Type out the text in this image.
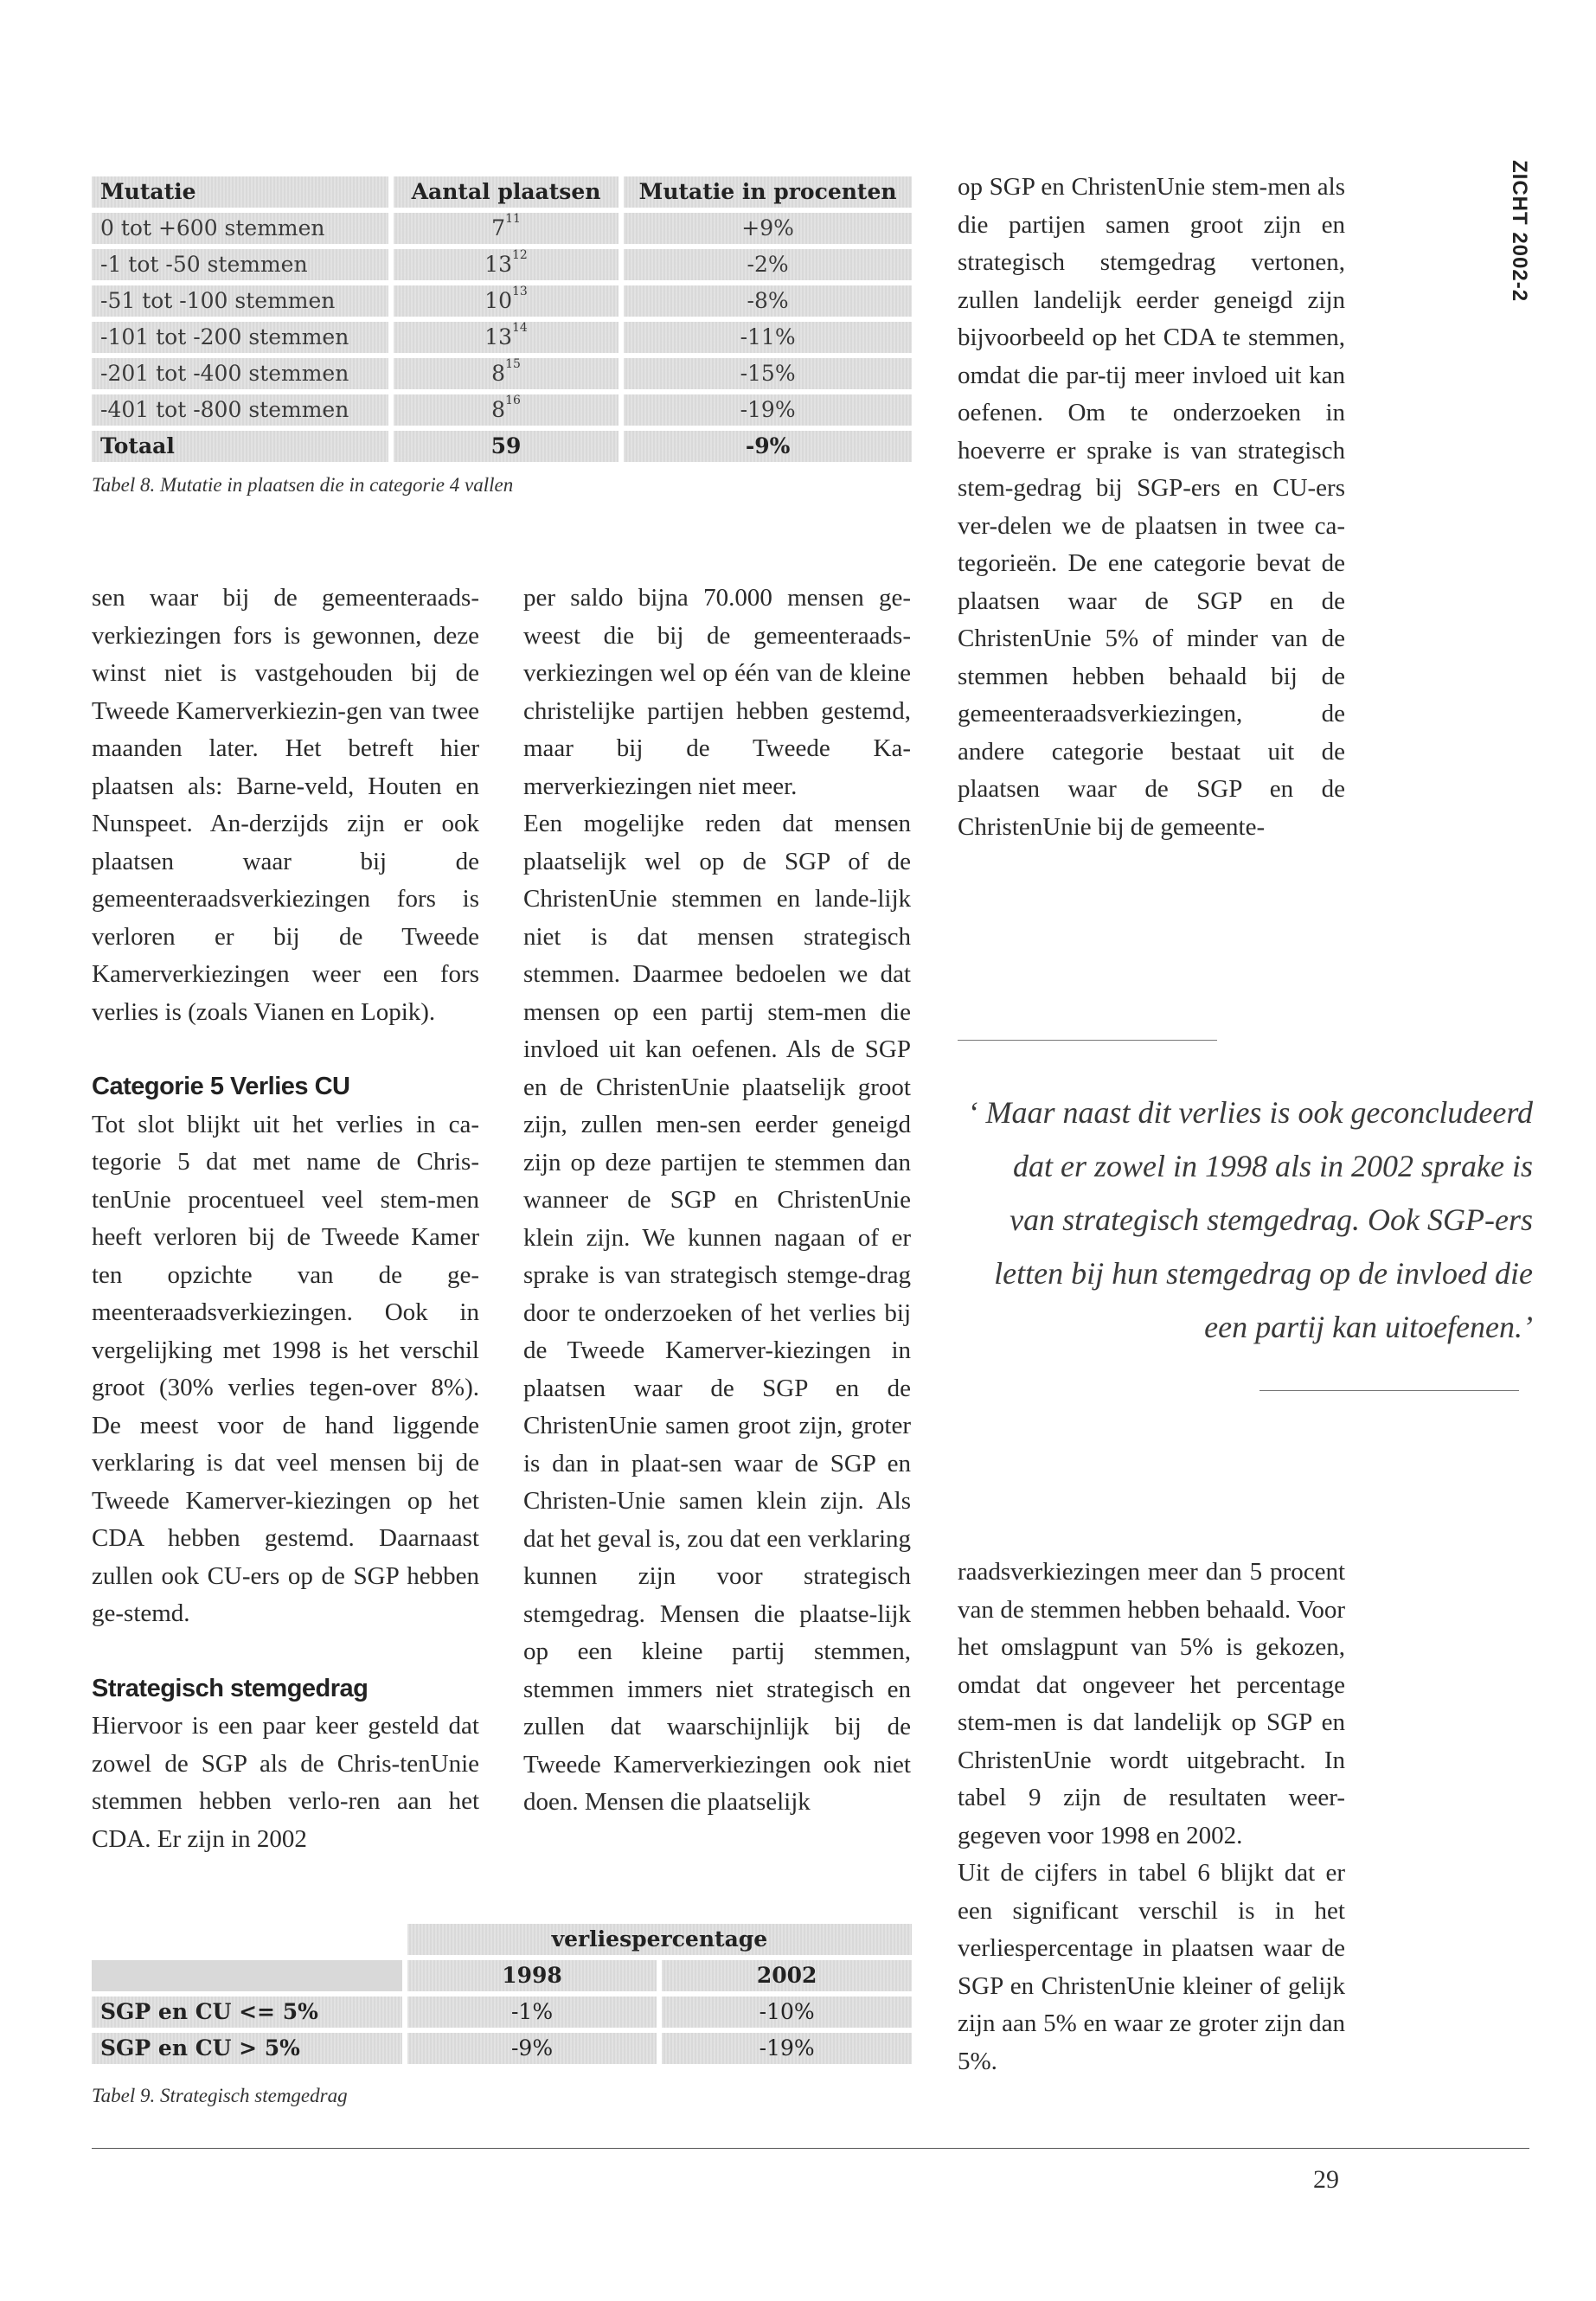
ZICHT 2002-2
Mutatie		Aantal plaatsen		Mutatie in procenten
0 tot +600 stemmen		$7^{11}$		+9%
-1 tot -50 stemmen		$13^{12}$		-2%
-51 tot -100 stemmen		$10^{13}$		-8%
-101 tot -200 stemmen		$13^{14}$		-11%
-201 tot -400 stemmen		$8^{15}$		-15%
-401 tot -800 stemmen		$8^{16}$		-19%
Totaal		59		-9%
Tabel 8. Mutatie in plaatsen die in categorie 4 vallen

sen waar bij de gemeenteraads-verkiezingen fors is gewonnen, deze winst niet is vastgehouden bij de Tweede Kamerverkiezin-gen van twee maanden later. Het betreft hier plaatsen als: Barne-veld, Houten en Nunspeet. An-derzijds zijn er ook plaatsen waar bij de gemeenteraadsverkiezingen fors is verloren er bij de Tweede Kamerverkiezingen weer een fors verlies is (zoals Vianen en Lopik).

Categorie 5 Verlies CU

Tot slot blijkt uit het verlies in ca-tegorie 5 dat met name de Chris-tenUnie procentueel veel stem-men heeft verloren bij de Tweede Kamer ten opzichte van de ge-meenteraadsverkiezingen. Ook in vergelijking met 1998 is het verschil groot (30% verlies tegen-over 8%). De meest voor de hand liggende verklaring is dat veel mensen bij de Tweede Kamerver-kiezingen op het CDA hebben gestemd. Daarnaast zullen ook CU-ers op de SGP hebben ge-stemd.

Strategisch stemgedrag

Hiervoor is een paar keer gesteld dat zowel de SGP als de Chris-tenUnie stemmen hebben verlo-ren aan het CDA. Er zijn in 2002

per saldo bijna 70.000 mensen ge-weest die bij de gemeenteraads-verkiezingen wel op één van de kleine christelijke partijen hebben gestemd, maar bij de Tweede Ka-merverkiezingen niet meer.

Een mogelijke reden dat mensen plaatselijk wel op de SGP of de ChristenUnie stemmen en lande-lijk niet is dat mensen strategisch stemmen. Daarmee bedoelen we dat mensen op een partij stem-men die invloed uit kan oefenen. Als de SGP en de ChristenUnie plaatselijk groot zijn, zullen men-sen eerder geneigd zijn op deze partijen te stemmen dan wanneer de SGP en ChristenUnie klein zijn. We kunnen nagaan of er sprake is van strategisch stemge-drag door te onderzoeken of het verlies bij de Tweede Kamerver-kiezingen in plaatsen waar de SGP en de ChristenUnie samen groot zijn, groter is dan in plaat-sen waar de SGP en Christen-Unie samen klein zijn. Als dat het geval is, zou dat een verklaring kunnen zijn voor strategisch stemgedrag. Mensen die plaatse-lijk op een kleine partij stemmen, stemmen immers niet strategisch en zullen dat waarschijnlijk bij de Tweede Kamerverkiezingen ook niet doen. Mensen die plaatselijk

op SGP en ChristenUnie stem-men als die partijen samen groot zijn en strategisch stemgedrag vertonen, zullen landelijk eerder geneigd zijn bijvoorbeeld op het CDA te stemmen, omdat die par-tij meer invloed uit kan oefenen. Om te onderzoeken in hoeverre er sprake is van strategisch stem-gedrag bij SGP-ers en CU-ers ver-delen we de plaatsen in twee ca-tegorieën. De ene categorie bevat de plaatsen waar de SGP en de ChristenUnie 5% of minder van de stemmen hebben behaald bij de gemeenteraadsverkiezingen, de andere categorie bestaat uit de plaatsen waar de SGP en de ChristenUnie bij de gemeente-

‘ Maar naast dit verlies is ook geconcludeerd dat er zowel in 1998 als in 2002 sprake is van strategisch stemgedrag. Ook SGP-ers letten bij hun stemgedrag op de invloed die een partij kan uitoefenen.’

raadsverkiezingen meer dan 5 procent van de stemmen hebben behaald. Voor het omslagpunt van 5% is gekozen, omdat dat ongeveer het percentage stem-men is dat landelijk op SGP en ChristenUnie wordt uitgebracht. In tabel 9 zijn de resultaten weer-gegeven voor 1998 en 2002.

Uit de cijfers in tabel 6 blijkt dat er een significant verschil is in het verliespercentage in plaatsen waar de SGP en ChristenUnie kleiner of gelijk zijn aan 5% en waar ze groter zijn dan 5%.

		verliespercentage		
		1998		2002
SGP en CU <= 5%		-1%		-10%
SGP en CU > 5%		-9%		-19%
Tabel 9. Strategisch stemgedrag
29
